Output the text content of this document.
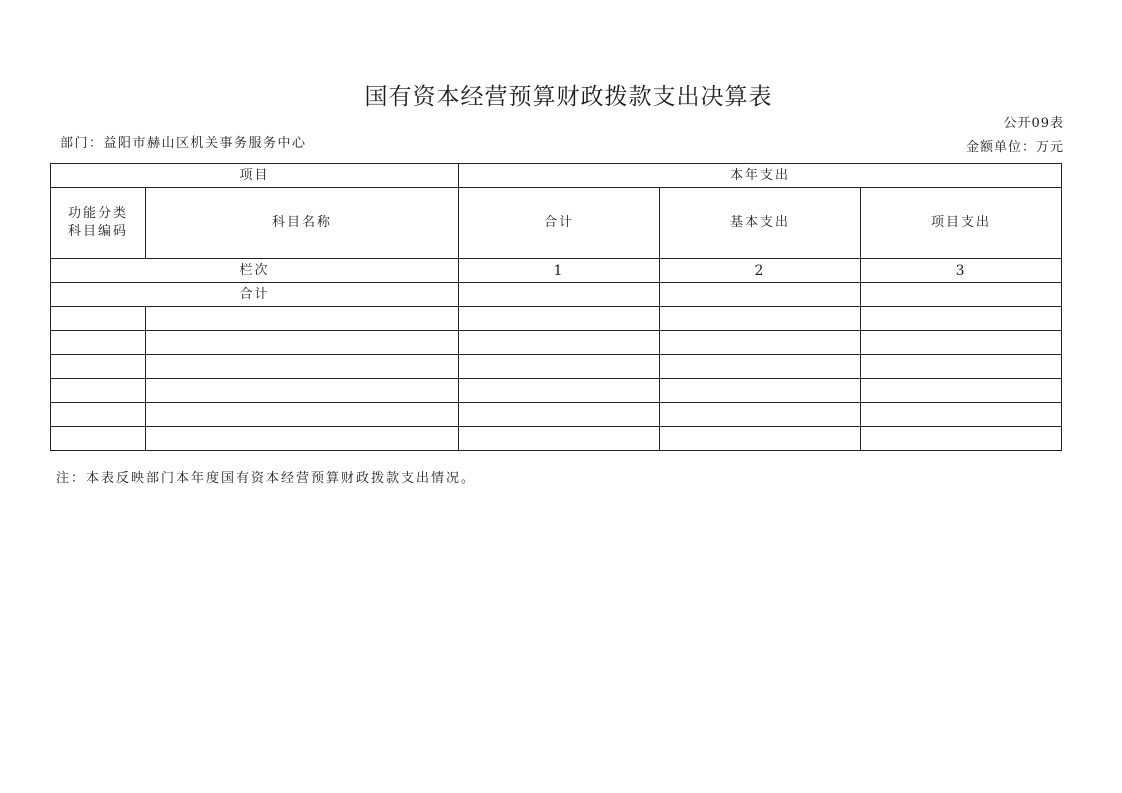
国有资本经营预算财政拨款支出决算表
公开09表
部门：益阳市赫山区机关事务服务中心	金额单位：万元
项目		本年支出		

功能分类
科目编码	科目名称	合计	基本支出	项目支出
栏次		1	2	3
合计				

注：本表反映部门本年度国有资本经营预算财政拨款支出情况。
